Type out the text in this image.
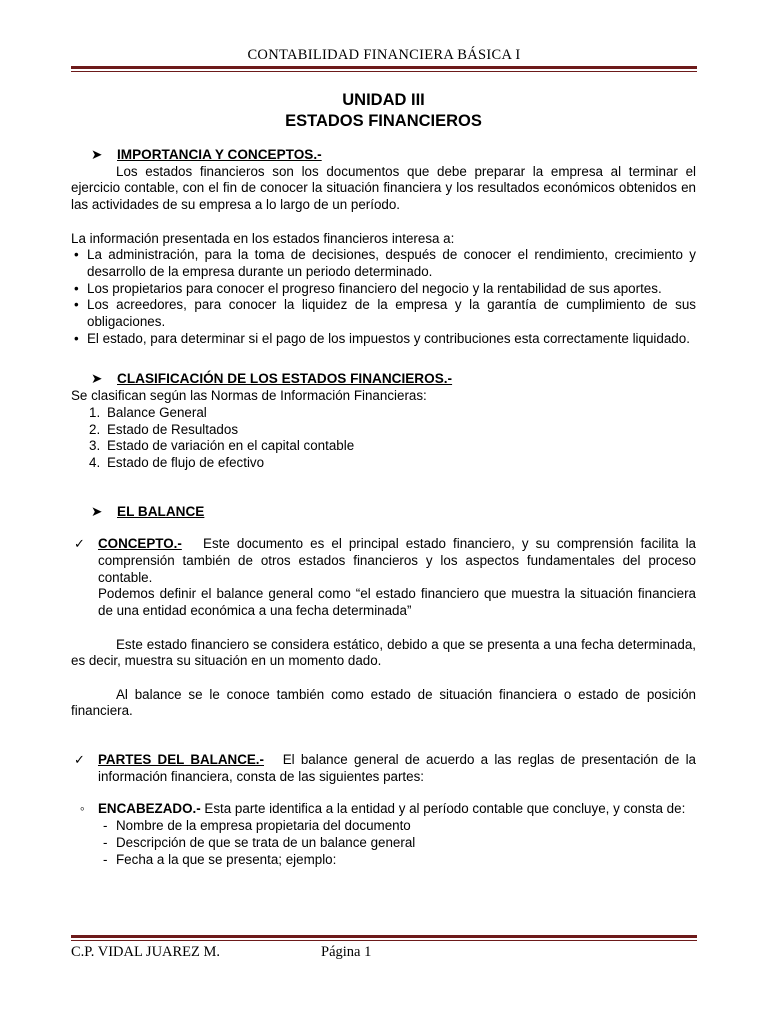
CONTABILIDAD FINANCIERA BÁSICA I

UNIDAD III

ESTADOS FINANCIEROS

➤ IMPORTANCIA Y CONCEPTOS.-

Los estados financieros son los documentos que debe preparar la empresa al terminar el ejercicio contable, con el fin de conocer la situación financiera y los resultados económicos obtenidos en las actividades de su empresa a lo largo de un período.

La información presentada en los estados financieros interesa a:

• La administración, para la toma de decisiones, después de conocer el rendimiento, crecimiento y desarrollo de la empresa durante un periodo determinado.
• Los propietarios para conocer el progreso financiero del negocio y la rentabilidad de sus aportes.
• Los acreedores, para conocer la liquidez de la empresa y la garantía de cumplimiento de sus obligaciones.
• El estado, para determinar si el pago de los impuestos y contribuciones esta correctamente liquidado.

➤ CLASIFICACIÓN DE LOS ESTADOS FINANCIEROS.-

Se clasifican según las Normas de Información Financieras:

1. Balance General
2. Estado de Resultados
3. Estado de variación en el capital contable
4. Estado de flujo de efectivo

➤ EL BALANCE

✓ CONCEPTO.- Este documento es el principal estado financiero, y su comprensión facilita la comprensión también de otros estados financieros y los aspectos fundamentales del proceso contable.
Podemos definir el balance general como “el estado financiero que muestra la situación financiera de una entidad económica a una fecha determinada”

Este estado financiero se considera estático, debido a que se presenta a una fecha determinada, es decir, muestra su situación en un momento dado.

Al balance se le conoce también como estado de situación financiera o estado de posición financiera.

✓ PARTES DEL BALANCE.- El balance general de acuerdo a las reglas de presentación de la información financiera, consta de las siguientes partes:
◦ ENCABEZADO.- Esta parte identifica a la entidad y al período contable que concluye, y consta de:
- Nombre de la empresa propietaria del documento
- Descripción de que se trata de un balance general
- Fecha a la que se presenta; ejemplo:
C.P. VIDAL JUAREZ M.	Página 1
